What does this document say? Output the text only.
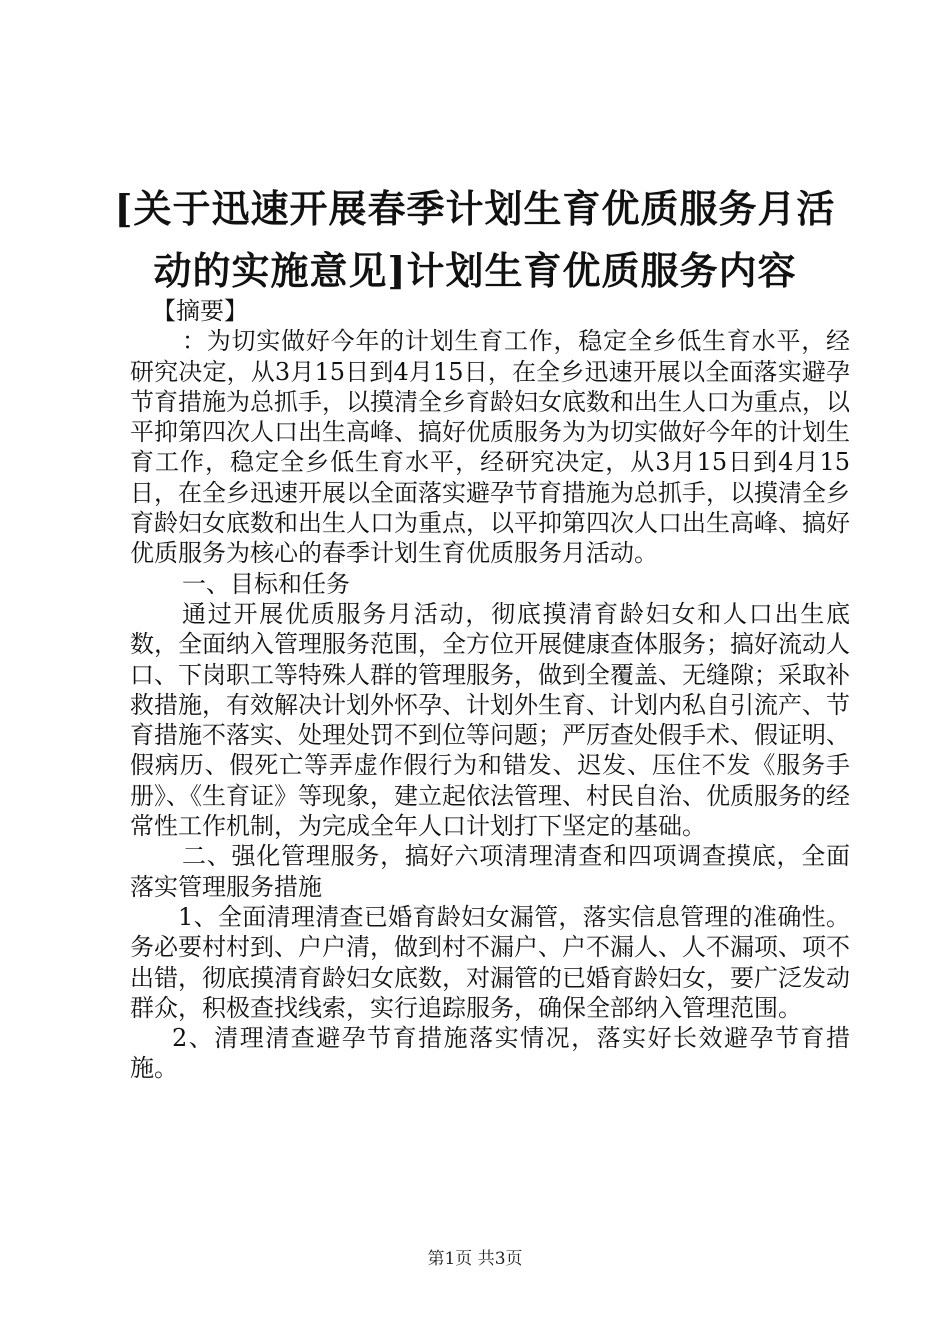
[关于迅速开展春季计划生育优质服务月活动的实施意见]计划生育优质服务内容

【摘要】

：为切实做好今年的计划生育工作，稳定全乡低生育水平，经研究决定，从3月15日到4月15日，在全乡迅速开展以全面落实避孕节育措施为总抓手，以摸清全乡育龄妇女底数和出生人口为重点，以平抑第四次人口出生高峰、搞好优质服务为为切实做好今年的计划生育工作，稳定全乡低生育水平，经研究决定，从3月15日到4月15日，在全乡迅速开展以全面落实避孕节育措施为总抓手，以摸清全乡育龄妇女底数和出生人口为重点，以平抑第四次人口出生高峰、搞好优质服务为核心的春季计划生育优质服务月活动。

一、目标和任务

通过开展优质服务月活动，彻底摸清育龄妇女和人口出生底数，全面纳入管理服务范围，全方位开展健康查体服务；搞好流动人口、下岗职工等特殊人群的管理服务，做到全覆盖、无缝隙；采取补救措施，有效解决计划外怀孕、计划外生育、计划内私自引流产、节育措施不落实、处理处罚不到位等问题；严厉查处假手术、假证明、假病历、假死亡等弄虚作假行为和错发、迟发、压住不发《服务手册》、《生育证》等现象，建立起依法管理、村民自治、优质服务的经常性工作机制，为完成全年人口计划打下坚定的基础。

二、强化管理服务，搞好六项清理清查和四项调查摸底，全面落实管理服务措施

1、全面清理清查已婚育龄妇女漏管，落实信息管理的准确性。务必要村村到、户户清，做到村不漏户、户不漏人、人不漏项、项不出错，彻底摸清育龄妇女底数，对漏管的已婚育龄妇女，要广泛发动群众，积极查找线索，实行追踪服务，确保全部纳入管理范围。

2、清理清查避孕节育措施落实情况，落实好长效避孕节育措施。

第1页 共3页
